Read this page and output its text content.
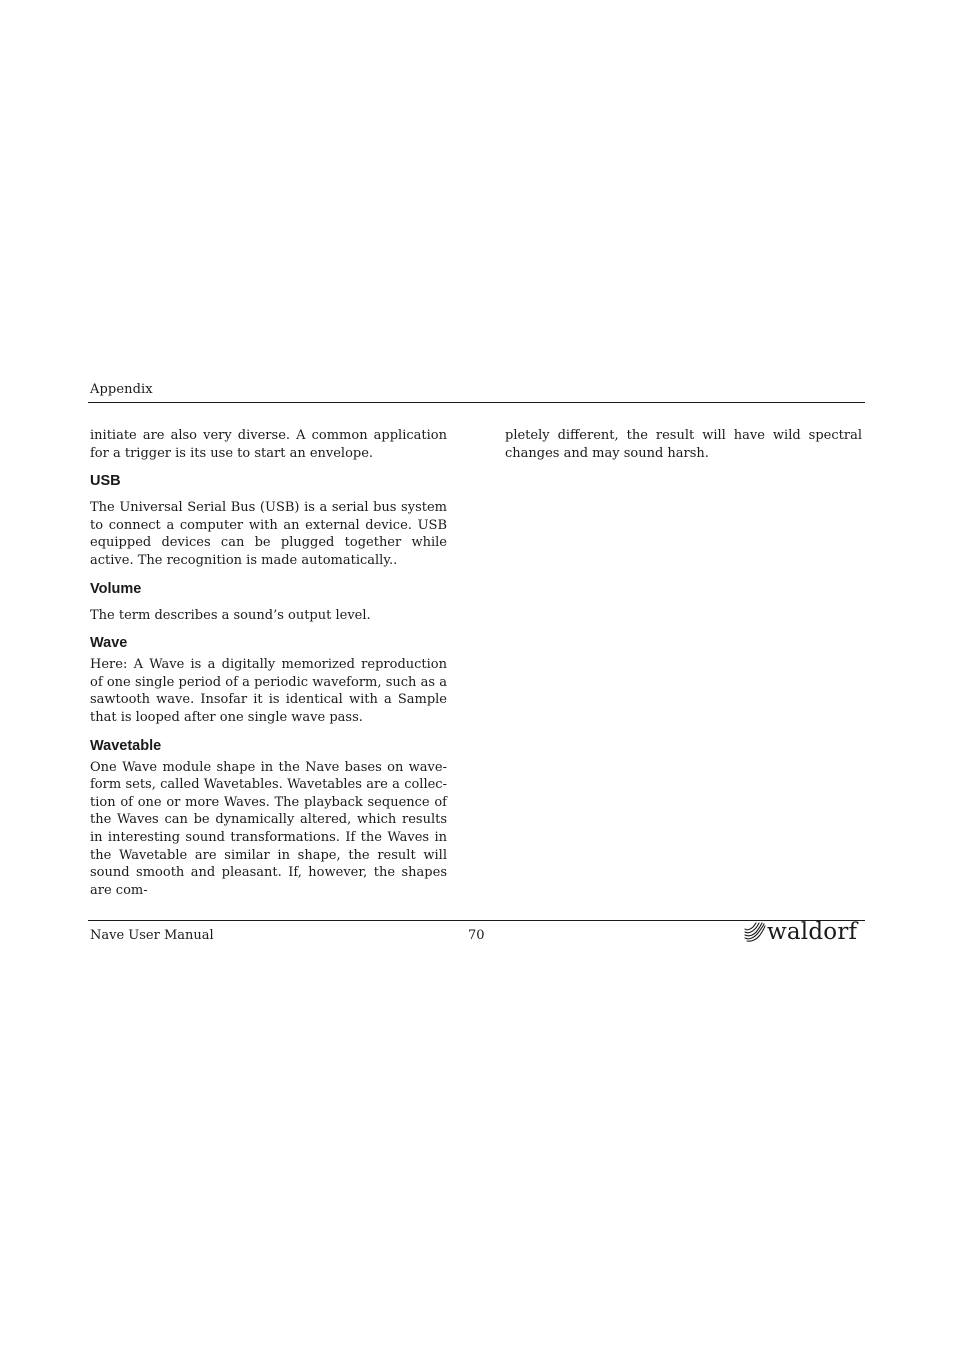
Appendix

initiate are also very diverse. A common application for a trigger is its use to start an envelope.

USB

The Universal Serial Bus (USB) is a serial bus system to connect a computer with an external device. USB equipped devices can be plugged together while active. The recognition is made automatically..

Volume

The term describes a sound’s output level.

Wave

Here: A Wave is a digitally memorized reproduction of one single period of a periodic waveform, such as a sawtooth wave. Insofar it is identical with a Sample that is looped after one single wave pass.

Wavetable

One Wave module shape in the Nave bases on waveform sets, called Wavetables. Wavetables are a collection of one or more Waves. The playback sequence of the Waves can be dynamically altered, which results in interesting sound transformations. If the Waves in the Wavetable are similar in shape, the result will sound smooth and pleasant. If, however, the shapes are com-

pletely different, the result will have wild spectral changes and may sound harsh.

Nave User Manual	70	waldorf
